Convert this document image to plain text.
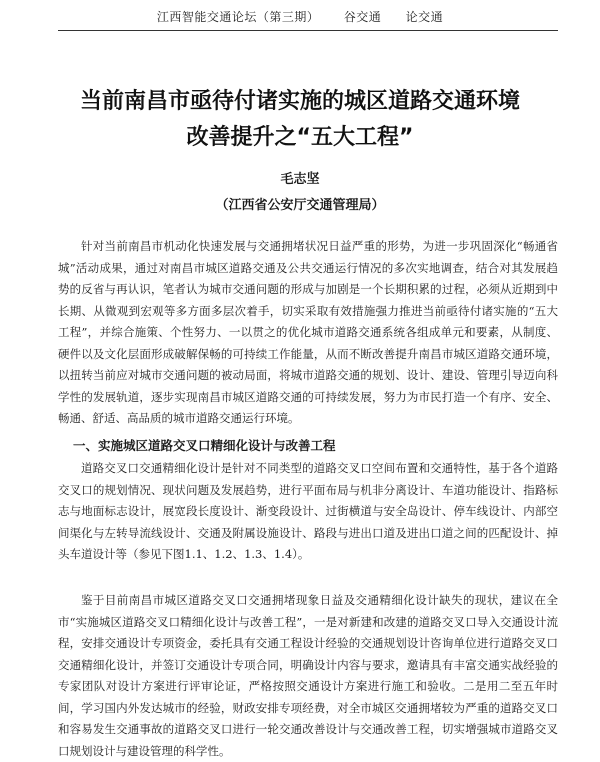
江西智能交通论坛（第三期） 谷交通 论交通
当前南昌市亟待付诸实施的城区道路交通环境
改善提升之“五大工程”
毛志坚
（江西省公安厅交通管理局）

针对当前南昌市机动化快速发展与交通拥堵状况日益严重的形势，为进一步巩固深化“畅通省城”活动成果，通过对南昌市城区道路交通及公共交通运行情况的多次实地调查，结合对其发展趋势的反省与再认识，笔者认为城市交通问题的形成与加剧是一个长期积累的过程，必须从近期到中长期、从微观到宏观等多方面多层次着手，切实采取有效措施强力推进当前亟待付诸实施的“五大工程”，并综合施策、个性努力、一以贯之的优化城市道路交通系统各组成单元和要素，从制度、硬件以及文化层面形成破解保畅的可持续工作能量，从而不断改善提升南昌市城区道路交通环境，以扭转当前应对城市交通问题的被动局面，将城市道路交通的规划、设计、建设、管理引导迈向科学性的发展轨道，逐步实现南昌市城区道路交通的可持续发展，努力为市民打造一个有序、安全、畅通、舒适、高品质的城市道路交通运行环境。

一、实施城区道路交叉口精细化设计与改善工程

道路交叉口交通精细化设计是针对不同类型的道路交叉口空间布置和交通特性，基于各个道路交叉口的规划情况、现状问题及发展趋势，进行平面布局与机非分离设计、车道功能设计、指路标志与地面标志设计，展宽段长度设计、渐变段设计、过街横道与安全岛设计、停车线设计、内部空间渠化与左转导流线设计、交通及附属设施设计、路段与进出口道及进出口道之间的匹配设计、掉头车道设计等（参见下图1.1、1.2、1.3、1.4）。

鉴于目前南昌市城区道路交叉口交通拥堵现象日益及交通精细化设计缺失的现状，建议在全市“实施城区道路交叉口精细化设计与改善工程”，一是对新建和改建的道路交叉口导入交通设计流程，安排交通设计专项资金，委托具有交通工程设计经验的交通规划设计咨询单位进行道路交叉口交通精细化设计，并签订交通设计专项合同，明确设计内容与要求，邀请具有丰富交通实战经验的专家团队对设计方案进行评审论证，严格按照交通设计方案进行施工和验收。二是用二至五年时间，学习国内外发达城市的经验，财政安排专项经费，对全市城区交通拥堵较为严重的道路交叉口和容易发生交通事故的道路交叉口进行一轮交通改善设计与交通改善工程，切实增强城市道路交叉口规划设计与建设管理的科学性。
